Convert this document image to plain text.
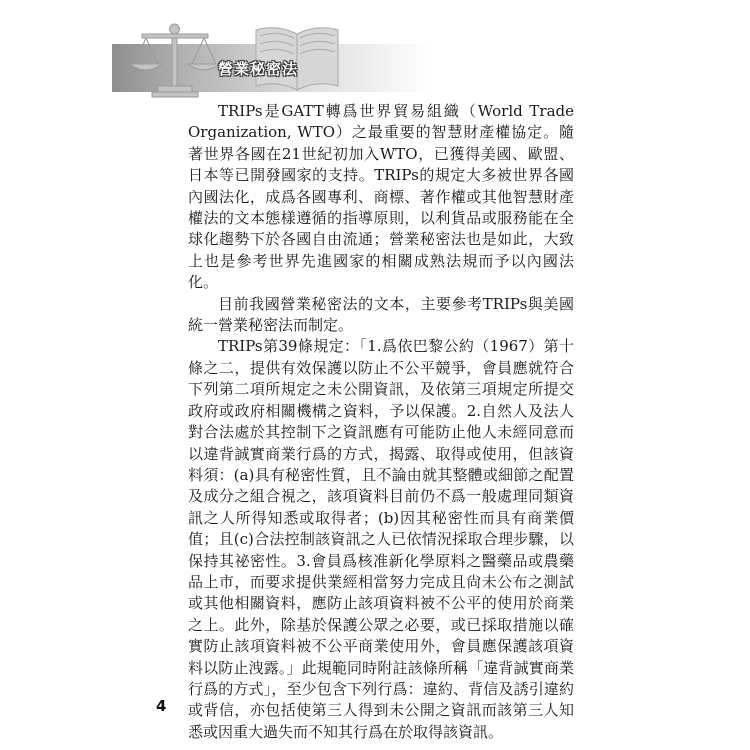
營業秘密法

TRIPs是GATT轉爲世界貿易組織（World Trade Organization, WTO）之最重要的智慧財產權協定。隨著世界各國在21世紀初加入WTO，已獲得美國、歐盟、日本等已開發國家的支持。TRIPs的規定大多被世界各國內國法化，成爲各國專利、商標、著作權或其他智慧財產權法的文本態樣遵循的指導原則，以利貨品或服務能在全球化趨勢下於各國自由流通；營業秘密法也是如此，大致上也是參考世界先進國家的相關成熟法規而予以內國法化。

目前我國營業秘密法的文本，主要參考TRIPs與美國統一營業秘密法而制定。

TRIPs第39條規定：「1.爲依巴黎公約（1967）第十條之二，提供有效保護以防止不公平競爭，會員應就符合下列第二項所規定之未公開資訊，及依第三項規定所提交政府或政府相關機構之資料，予以保護。2.自然人及法人對合法處於其控制下之資訊應有可能防止他人未經同意而以違背誠實商業行爲的方式，揭露、取得或使用，但該資料須：(a)具有秘密性質，且不論由就其整體或細節之配置及成分之組合視之，該項資料目前仍不爲一般處理同類資訊之人所得知悉或取得者；(b)因其秘密性而具有商業價值；且(c)合法控制該資訊之人已依情況採取合理步驟，以保持其祕密性。3.會員爲核准新化學原料之醫藥品或農藥品上市，而要求提供業經相當努力完成且尙未公布之測試或其他相關資料，應防止該項資料被不公平的使用於商業之上。此外，除基於保護公眾之必要，或已採取措施以確實防止該項資料被不公平商業使用外，會員應保護該項資料以防止洩露。」此規範同時附註該條所稱「違背誠實商業行爲的方式」，至少包含下列行爲：違約、背信及誘引違約或背信，亦包括使第三人得到未公開之資訊而該第三人知悉或因重大過失而不知其行爲在於取得該資訊。

4
